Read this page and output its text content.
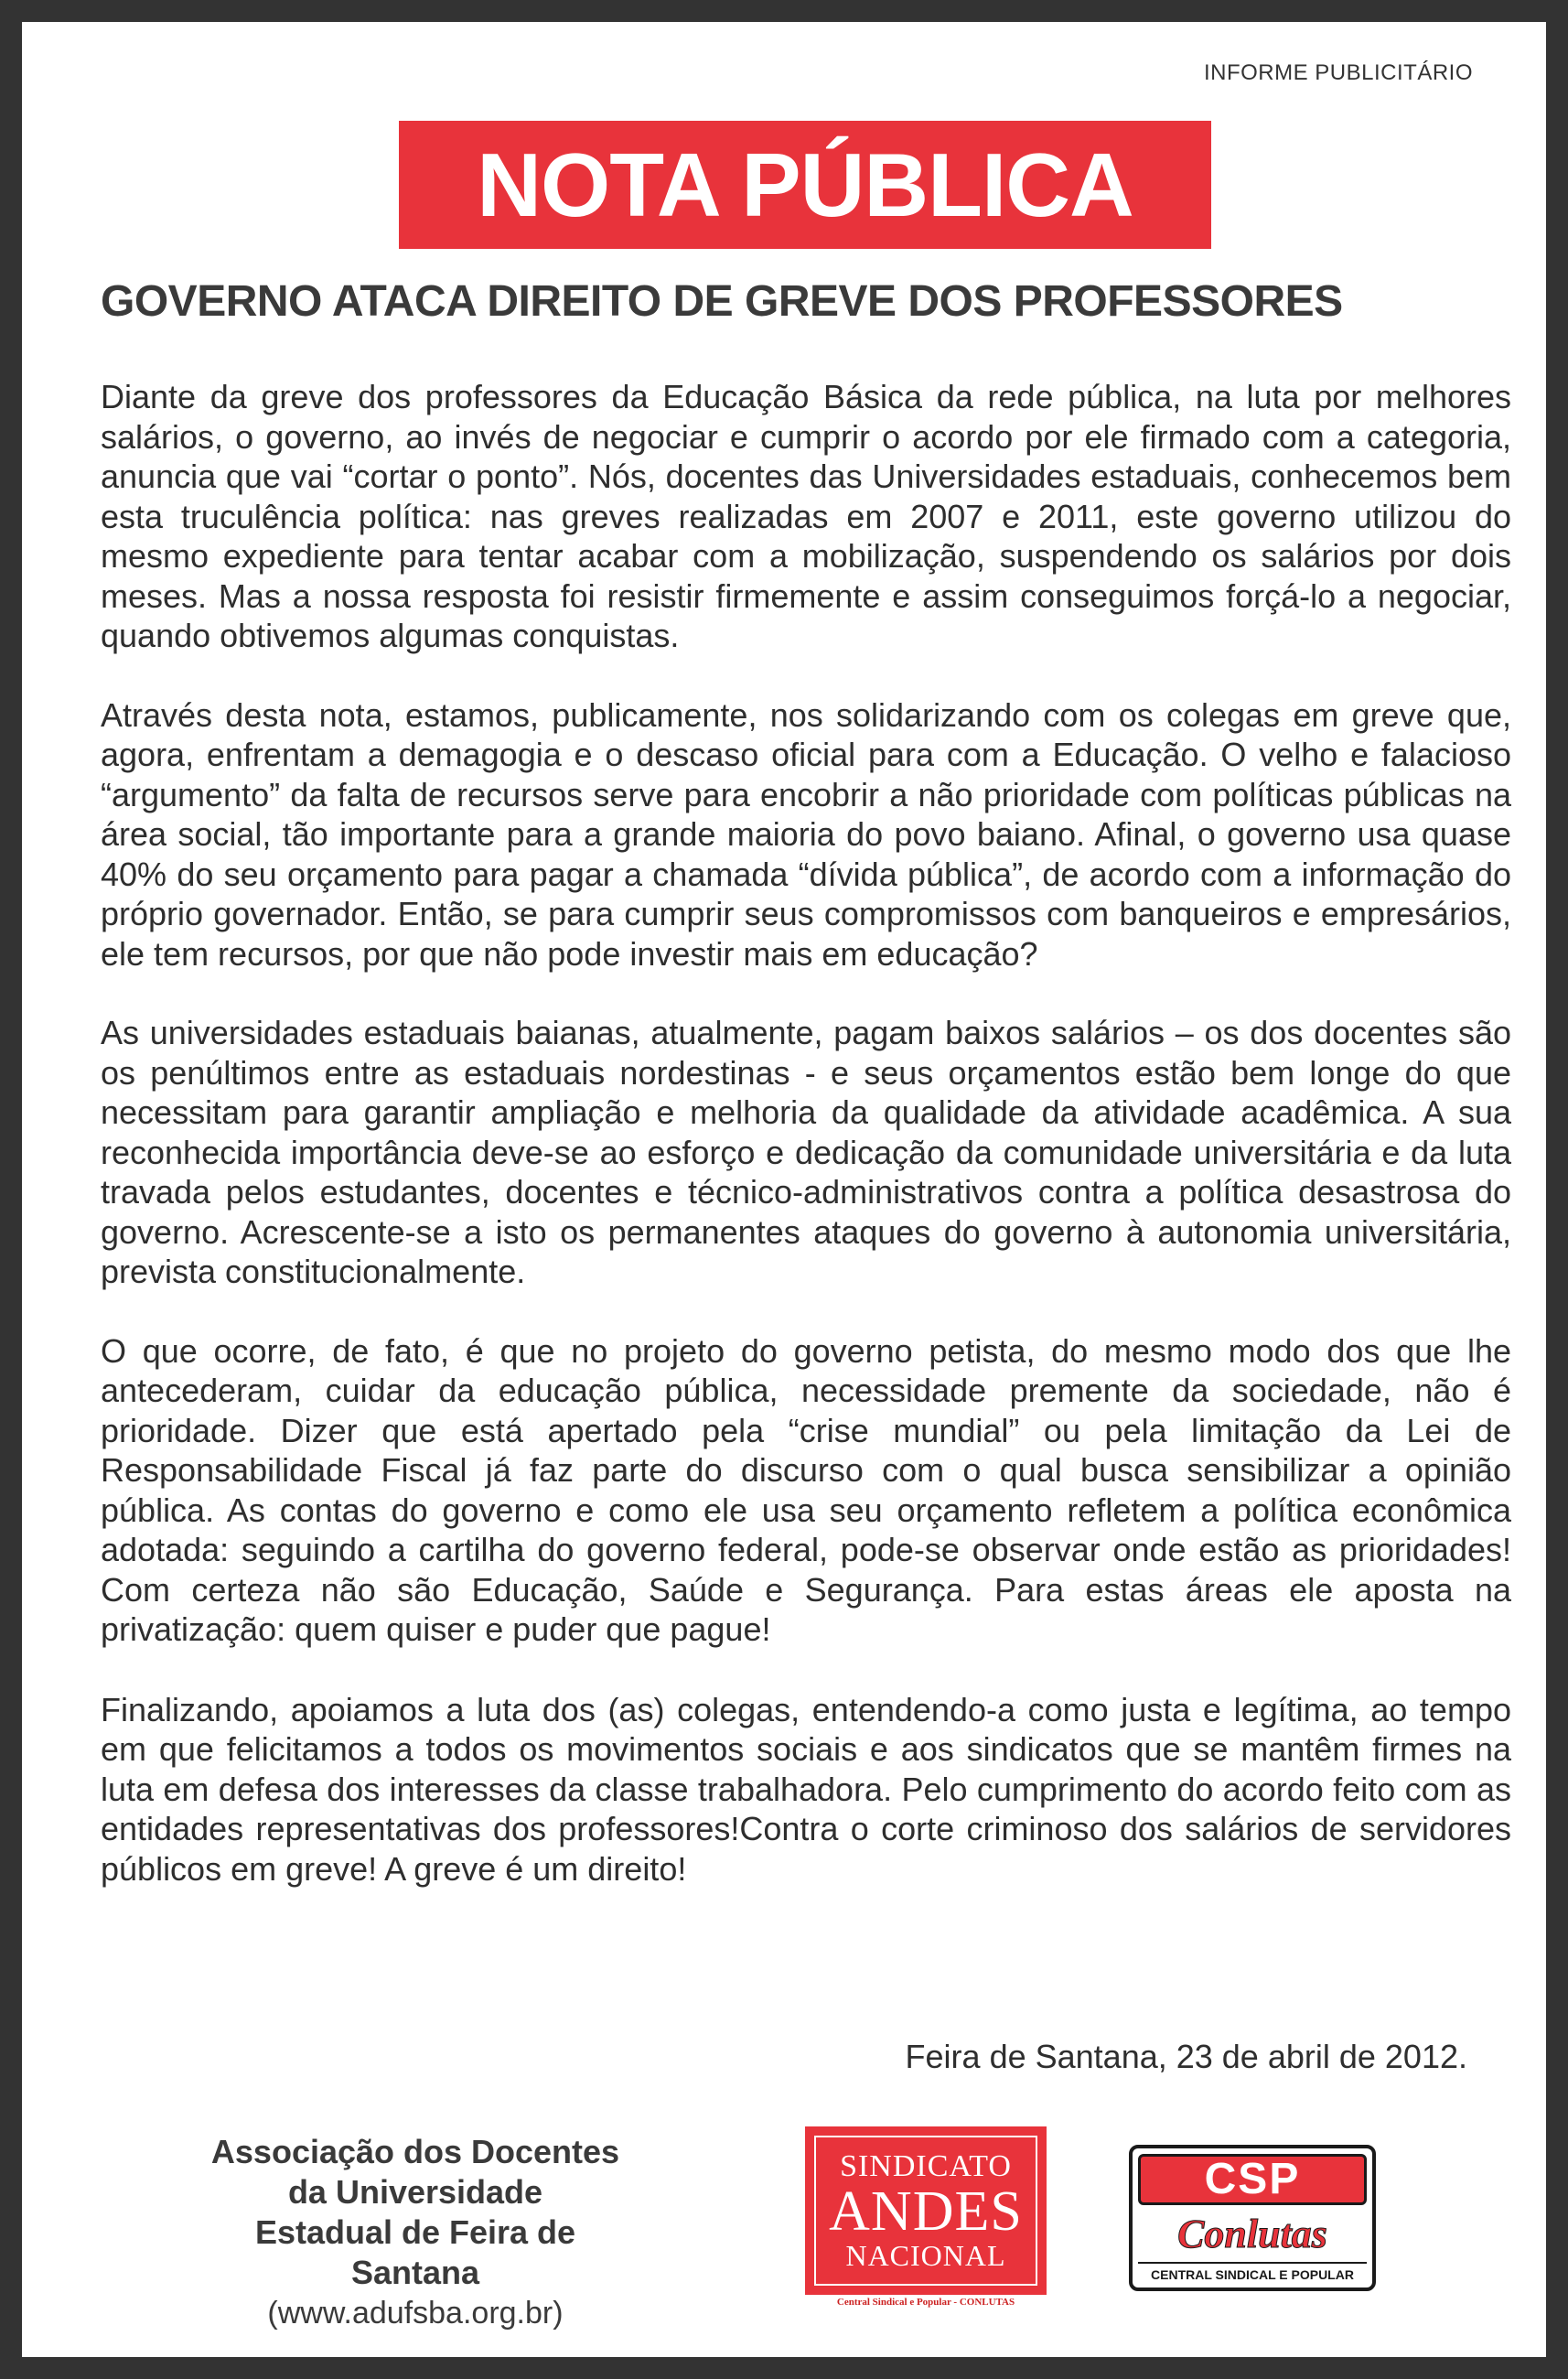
INFORME PUBLICITÁRIO
NOTA PÚBLICA
GOVERNO ATACA DIREITO DE GREVE DOS PROFESSORES

Diante da greve dos professores da Educação Básica da rede pública, na luta por melhores salários, o governo, ao invés de negociar e cumprir o acordo por ele firmado com a categoria, anuncia que vai “cortar o ponto”. Nós, docentes das Universidades estaduais, conhecemos bem esta truculência política: nas greves realizadas em 2007 e 2011, este governo utilizou do mesmo expediente para tentar acabar com a mobilização, suspendendo os salários por dois meses. Mas a nossa resposta foi resistir firmemente e assim conseguimos forçá-lo a negociar, quando obtivemos algumas conquistas.

Através desta nota, estamos, publicamente, nos solidarizando com os colegas em greve que, agora, enfrentam a demagogia e o descaso oficial para com a Educação. O velho e falacioso “argumento” da falta de recursos serve para encobrir a não prioridade com políticas públicas na área social, tão importante para a grande maioria do povo baiano. Afinal, o governo usa quase 40% do seu orçamento para pagar a chamada “dívida pública”, de acordo com a informação do próprio governador. Então, se para cumprir seus compromissos com banqueiros e empresários, ele tem recursos, por que não pode investir mais em educação?

As universidades estaduais baianas, atualmente, pagam baixos salários – os dos docentes são os penúltimos entre as estaduais nordestinas - e seus orçamentos estão bem longe do que necessitam para garantir ampliação e melhoria da qualidade da atividade acadêmica. A sua reconhecida importância deve-se ao esforço e dedicação da comunidade universitária e da luta travada pelos estudantes, docentes e técnico-administrativos contra a política desastrosa do governo. Acrescente-se a isto os permanentes ataques do governo à autonomia universitária, prevista constitucionalmente.

O que ocorre, de fato, é que no projeto do governo petista, do mesmo modo dos que lhe antecederam, cuidar da educação pública, necessidade premente da sociedade, não é prioridade. Dizer que está apertado pela “crise mundial” ou pela limitação da Lei de Responsabilidade Fiscal já faz parte do discurso com o qual busca sensibilizar a opinião pública. As contas do governo e como ele usa seu orçamento refletem a política econômica adotada: seguindo a cartilha do governo federal, pode-se observar onde estão as prioridades! Com certeza não são Educação, Saúde e Segurança. Para estas áreas ele aposta na privatização: quem quiser e puder que pague!

Finalizando, apoiamos a luta dos (as) colegas, entendendo-a como justa e legítima, ao tempo em que felicitamos a todos os movimentos sociais e aos sindicatos que se mantêm firmes na luta em defesa dos interesses da classe trabalhadora. Pelo cumprimento do acordo feito com as entidades representativas dos professores!Contra o corte criminoso dos salários de servidores públicos em greve! A greve é um direito!

Feira de Santana, 23 de abril de 2012.
Associação dos Docentes
da Universidade
Estadual de Feira de Santana
(www.adufsba.org.br)
SINDICATO
ANDES
NACIONAL
Central Sindical e Popular - CONLUTAS
CSP
Conlutas
CENTRAL SINDICAL E POPULAR
